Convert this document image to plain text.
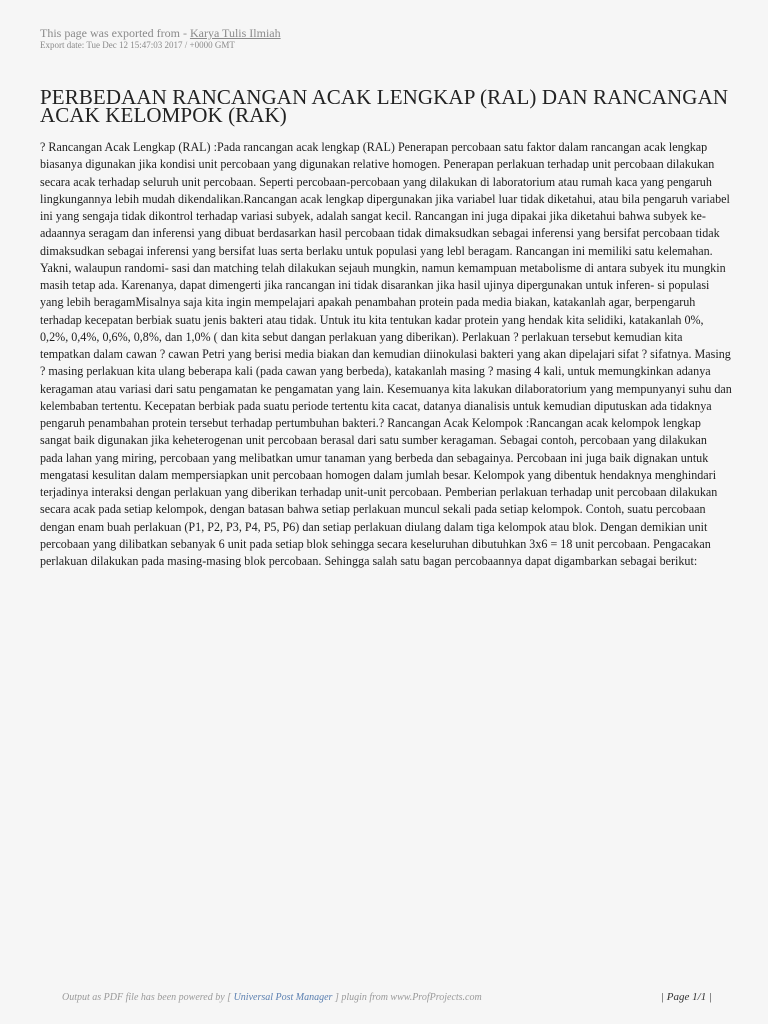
This page was exported from - Karya Tulis Ilmiah
Export date: Tue Dec 12 15:47:03 2017 / +0000 GMT
PERBEDAAN RANCANGAN ACAK LENGKAP (RAL) DAN RANCANGAN ACAK KELOMPOK (RAK)

? Rancangan Acak Lengkap (RAL) :Pada rancangan acak lengkap (RAL) Penerapan percobaan satu faktor dalam rancangan acak lengkap biasanya digunakan jika kondisi unit percobaan yang digunakan relative homogen. Penerapan perlakuan terhadap unit percobaan dilakukan secara acak terhadap seluruh unit percobaan. Seperti percobaan-percobaan yang dilakukan di laboratorium atau rumah kaca yang pengaruh lingkungannya lebih mudah dikendalikan.Rancangan acak lengkap dipergunakan jika variabel luar tidak diketahui, atau bila pengaruh variabel ini yang sengaja tidak dikontrol terhadap variasi subyek, adalah sangat kecil. Rancangan ini juga dipakai jika diketahui bahwa subyek ke- adaannya seragam dan inferensi yang dibuat berdasarkan hasil percobaan tidak dimaksudkan sebagai inferensi yang bersifat percobaan tidak dimaksudkan sebagai inferensi yang bersifat luas serta berlaku untuk populasi yang lebl beragam. Rancangan ini memiliki satu kelemahan. Yakni, walaupun randomi- sasi dan matching telah dilakukan sejauh mungkin, namun kemampuan metabolisme di antara subyek itu mungkin masih tetap ada. Karenanya, dapat dimengerti jika rancangan ini tidak disarankan jika hasil ujinya dipergunakan untuk inferen- si populasi yang lebih beragamMisalnya saja kita ingin mempelajari apakah penambahan protein pada media biakan, katakanlah agar, berpengaruh terhadap kecepatan berbiak suatu jenis bakteri atau tidak. Untuk itu kita tentukan kadar protein yang hendak kita selidiki, katakanlah 0%, 0,2%, 0,4%, 0,6%, 0,8%, dan 1,0% ( dan kita sebut dangan perlakuan yang diberikan). Perlakuan ? perlakuan tersebut kemudian kita tempatkan dalam cawan ? cawan Petri yang berisi media biakan dan kemudian diinokulasi bakteri yang akan dipelajari sifat ? sifatnya. Masing ? masing perlakuan kita ulang beberapa kali (pada cawan yang berbeda), katakanlah masing ? masing 4 kali, untuk memungkinkan adanya keragaman atau variasi dari satu pengamatan ke pengamatan yang lain. Kesemuanya kita lakukan dilaboratorium yang mempunyanyi suhu dan kelembaban tertentu. Kecepatan berbiak pada suatu periode tertentu kita cacat, datanya dianalisis untuk kemudian diputuskan ada tidaknya pengaruh penambahan protein tersebut terhadap pertumbuhan bakteri.? Rancangan Acak Kelompok :Rancangan acak kelompok lengkap sangat baik digunakan jika keheterogenan unit percobaan berasal dari satu sumber keragaman. Sebagai contoh, percobaan yang dilakukan pada lahan yang miring, percobaan yang melibatkan umur tanaman yang berbeda dan sebagainya. Percobaan ini juga baik dignakan untuk mengatasi kesulitan dalam mempersiapkan unit percobaan homogen dalam jumlah besar. Kelompok yang dibentuk hendaknya menghindari terjadinya interaksi dengan perlakuan yang diberikan terhadap unit-unit percobaan. Pemberian perlakuan terhadap unit percobaan dilakukan secara acak pada setiap kelompok, dengan batasan bahwa setiap perlakuan muncul sekali pada setiap kelompok. Contoh, suatu percobaan dengan enam buah perlakuan (P1, P2, P3, P4, P5, P6) dan setiap perlakuan diulang dalam tiga kelompok atau blok. Dengan demikian unit percobaan yang dilibatkan sebanyak 6 unit pada setiap blok sehingga secara keseluruhan dibutuhkan 3x6 = 18 unit percobaan. Pengacakan perlakuan dilakukan pada masing-masing blok percobaan. Sehingga salah satu bagan percobaannya dapat digambarkan sebagai berikut:

Output as PDF file has been powered by [ Universal Post Manager ] plugin from www.ProfProjects.com	| Page 1/1 |
